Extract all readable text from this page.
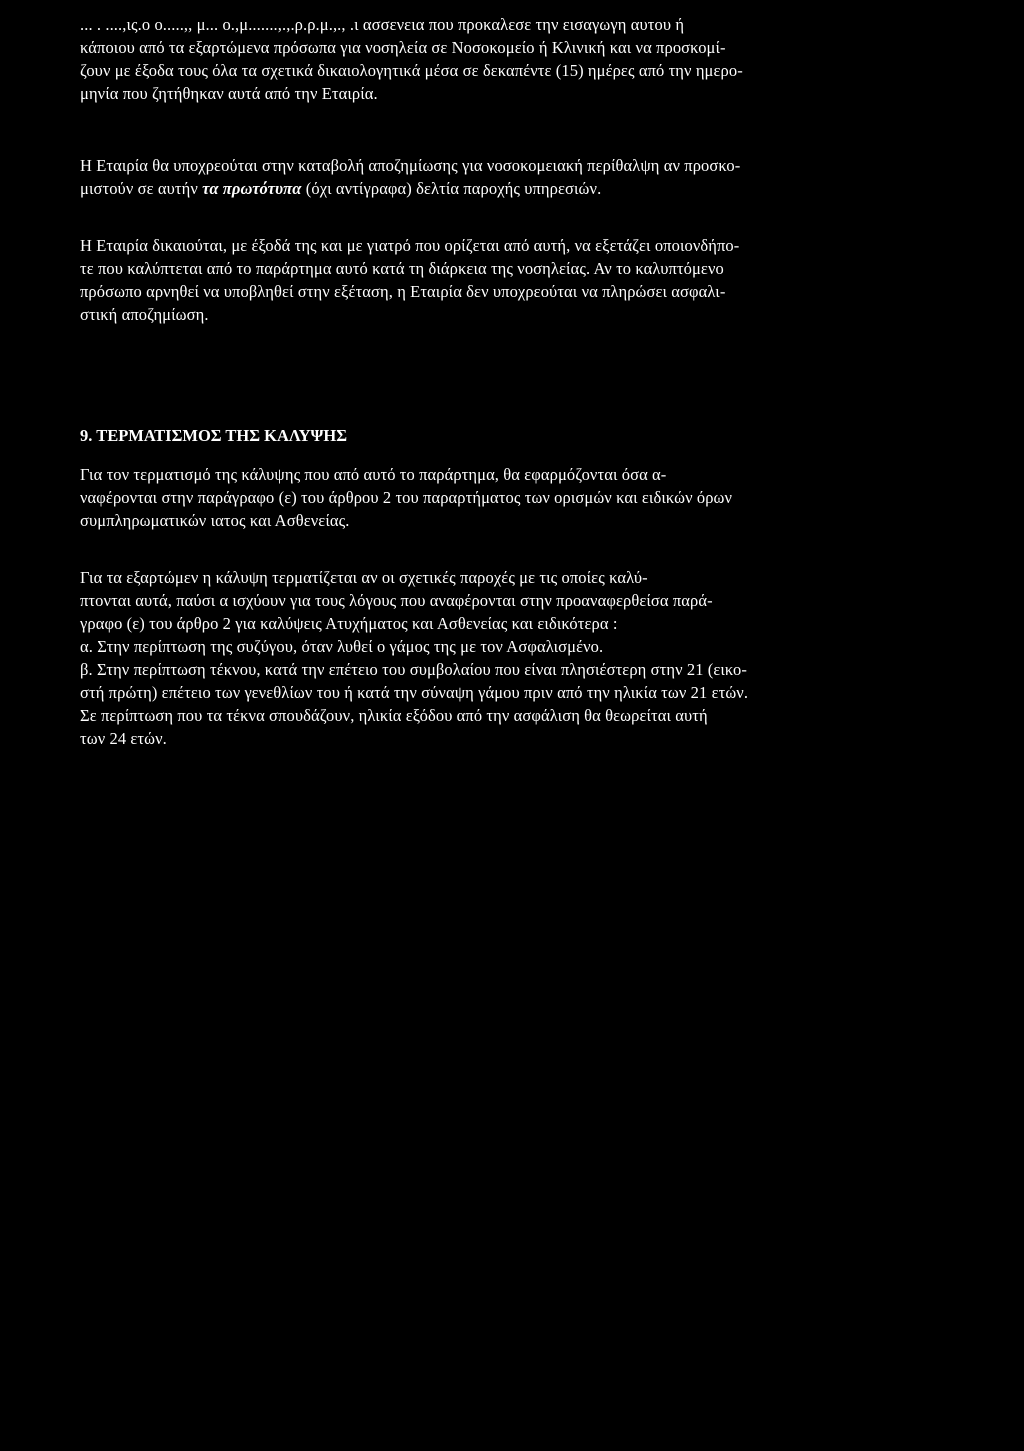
... . ....,ις.ο ο.....,, μ... ο.,μ.......,.,.ρ.ρ.μ.,., .ι ασσενεια που προκαλεσε την εισαγωγη αυτου ή
κάποιου από τα εξαρτώμενα πρόσωπα για νοσηλεία σε Νοσοκομείο ή Κλινική και να προσκομί-
ζουν με έξοδα τους όλα τα σχετικά δικαιολογητικά μέσα σε δεκαπέντε (15) ημέρες από την ημερο-
μηνία που ζητήθηκαν αυτά από την Εταιρία.
Η Εταιρία θα υποχρεούται στην καταβολή αποζημίωσης για νοσοκομειακή περίθαλψη αν προσκο-
μιστούν σε αυτήν τα πρωτότυπα (όχι αντίγραφα) δελτία παροχής υπηρεσιών.
Η Εταιρία δικαιούται, με έξοδά της και με γιατρό που ορίζεται από αυτή, να εξετάζει οποιονδήπο-
τε που καλύπτεται από το παράρτημα αυτό κατά τη διάρκεια της νοσηλείας. Αν το καλυπτόμενο
πρόσωπο αρνηθεί να υποβληθεί στην εξέταση, η Εταιρία δεν υποχρεούται να πληρώσει ασφαλι-
στική αποζημίωση.
9. ΤΕΡΜΑΤΙΣΜΟΣ ΤΗΣ ΚΑΛΥΨΗΣ
Για τον τερματισμό της κάλυψης που από αυτό το παράρτημα, θα εφαρμόζονται όσα α-
ναφέρονται στην παράγραφο (ε) του άρθρου 2 του παραρτήματος των ορισμών και ειδικών όρων
συμπληρωματικών ιατος και Ασθενείας.
Για τα εξαρτώμεν η κάλυψη τερματίζεται αν οι σχετικές παροχές με τις οποίες καλύ-
πτονται αυτά, παύσι α ισχύουν για τους λόγους που αναφέρονται στην προαναφερθείσα παρά-
γραφο (ε) του άρθρο 2 για καλύψεις Ατυχήματος και Ασθενείας και ειδικότερα :
α. Στην περίπτωση της συζύγου, όταν λυθεί ο γάμος της με τον Ασφαλισμένο.
β. Στην περίπτωση τέκνου, κατά την επέτειο του συμβολαίου που είναι πλησιέστερη στην 21 (εικο-
στή πρώτη) επέτειο των γενεθλίων του ή κατά την σύναψη γάμου πριν από την ηλικία των 21 ετών.
Σε περίπτωση που τα τέκνα σπουδάζουν, ηλικία εξόδου από την ασφάλιση θα θεωρείται αυτή
των 24 ετών.
